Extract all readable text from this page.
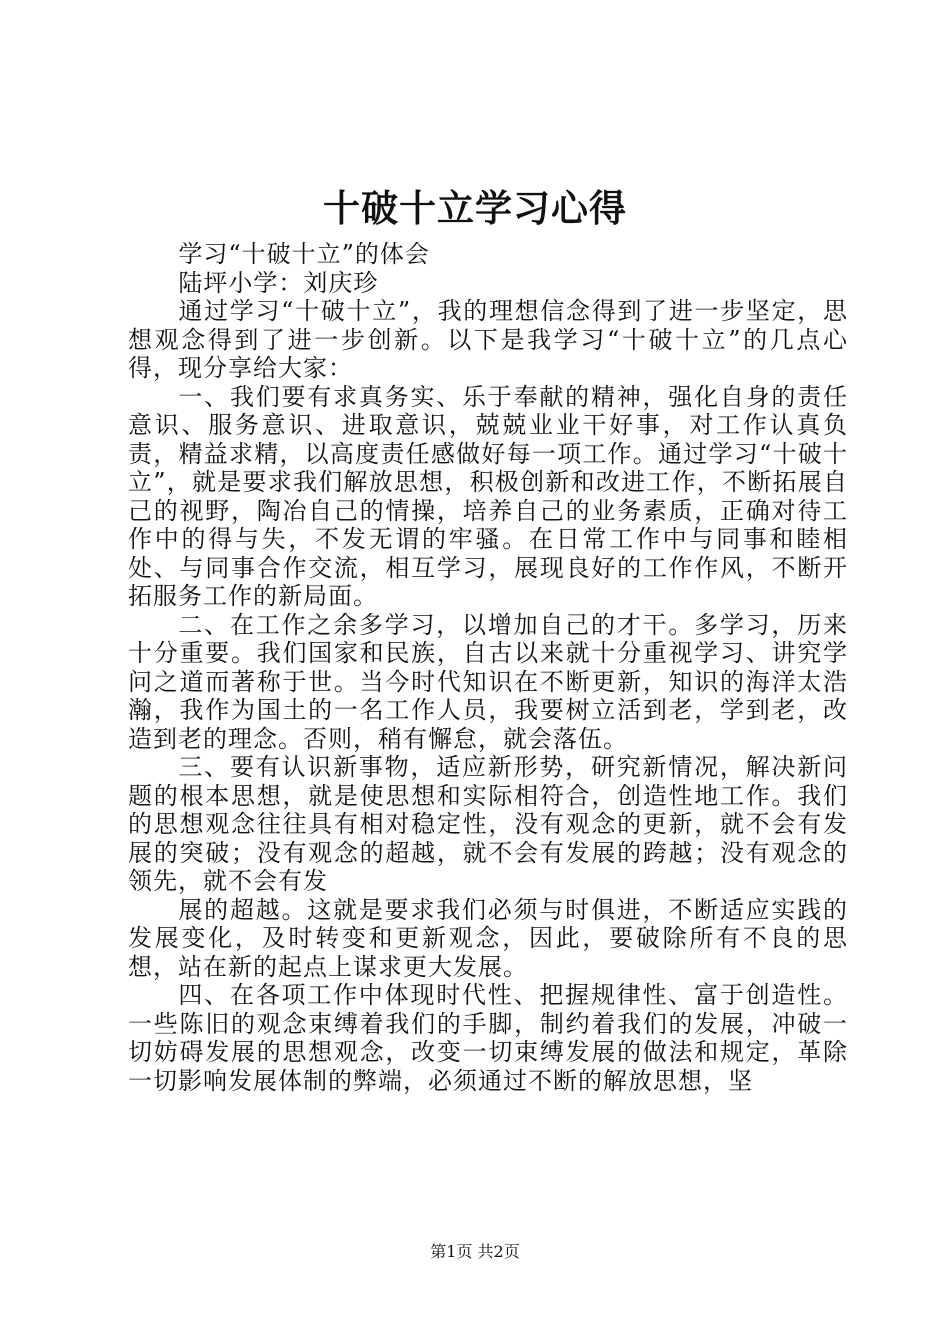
十破十立学习心得

学习“十破十立”的体会

陆坪小学：刘庆珍

通过学习“十破十立”，我的理想信念得到了进一步坚定，思想观念得到了进一步创新。以下是我学习“十破十立”的几点心得，现分享给大家：

一、我们要有求真务实、乐于奉献的精神，强化自身的责任意识、服务意识、进取意识，兢兢业业干好事，对工作认真负责，精益求精，以高度责任感做好每一项工作。通过学习“十破十立”，就是要求我们解放思想，积极创新和改进工作，不断拓展自己的视野，陶冶自己的情操，培养自己的业务素质，正确对待工作中的得与失，不发无谓的牢骚。在日常工作中与同事和睦相处、与同事合作交流，相互学习，展现良好的工作作风，不断开拓服务工作的新局面。

二、在工作之余多学习，以增加自己的才干。多学习，历来十分重要。我们国家和民族，自古以来就十分重视学习、讲究学问之道而著称于世。当今时代知识在不断更新，知识的海洋太浩瀚，我作为国土的一名工作人员，我要树立活到老，学到老，改造到老的理念。否则，稍有懈怠，就会落伍。

三、要有认识新事物，适应新形势，研究新情况，解决新问题的根本思想，就是使思想和实际相符合，创造性地工作。我们的思想观念往往具有相对稳定性，没有观念的更新，就不会有发展的突破；没有观念的超越，就不会有发展的跨越；没有观念的领先，就不会有发

展的超越。这就是要求我们必须与时俱进，不断适应实践的发展变化，及时转变和更新观念，因此，要破除所有不良的思想，站在新的起点上谋求更大发展。

四、在各项工作中体现时代性、把握规律性、富于创造性。一些陈旧的观念束缚着我们的手脚，制约着我们的发展，冲破一切妨碍发展的思想观念，改变一切束缚发展的做法和规定，革除一切影响发展体制的弊端，必须通过不断的解放思想，坚

第1页 共2页
